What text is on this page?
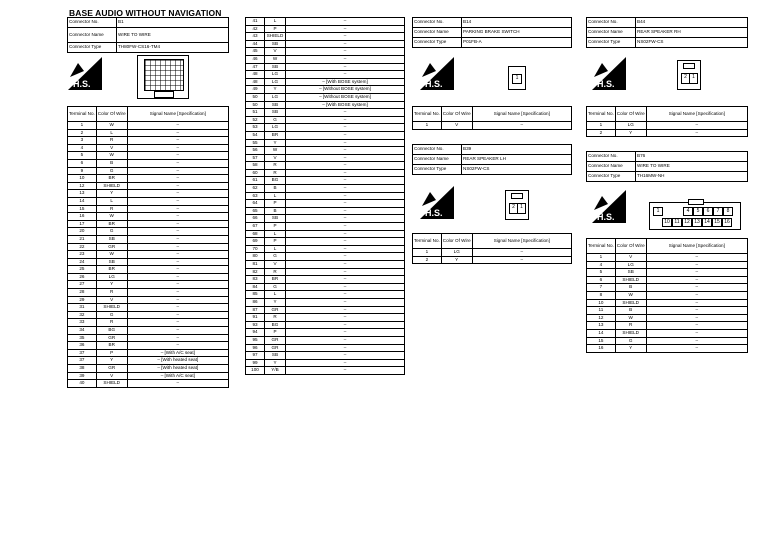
BASE AUDIO WITHOUT NAVIGATION
Connector No.	B1
Connector Name	WIRE TO WIRE
Connector Type	TH80FW-CS16-TM4
H.S.
Terminal No.	Color Of Wire	Signal Name [Specification]
1	W	–
2	L	–
3	R	–
4	V	–
5	W	–
6	B	–
9	G	–
10	BR	–
12	SHIELD	–
13	Y	–
14	L	–
15	R	–
16	W	–
17	BR	–
20	G	–
21	SB	–
22	GR	–
23	W	–
24	SB	–
25	BR	–
26	LG	–
27	Y	–
28	R	–
29	V	–
31	SHIELD	–
32	G	–
33	R	–
34	BG	–
35	GR	–
36	BR	–
37	P	– [With A/C seat]
37	Y	– [With heated seat]
38	GR	– [With heated seat]
39	V	– [With A/C seat]
40	SHIELD	–
41	L	–
42	P	–
43	SHIELD	–
44	SB	–
45	V	–
46	W	–
47	SB	–
48	LG	–
48	LG	– [With BOSE system]
49	Y	– [Without BOSE system]
50	LG	– [Without BOSE system]
50	SB	– [With BOSE system]
51	SB	–
52	G	–
53	LG	–
54	BR	–
55	Y	–
56	W	–
57	V	–
58	R	–
60	R	–
61	BG	–
62	B	–
63	L	–
64	P	–
65	B	–
66	SB	–
67	P	–
68	L	–
69	P	–
70	L	–
80	G	–
81	V	–
82	R	–
83	BR	–
84	G	–
85	L	–
86	Y	–
87	GR	–
91	R	–
93	BG	–
94	P	–
95	GR	–
96	GR	–
97	SB	–
99	Y	–
100	Y/B	–
Connector No.	B14
Connector Name	PARKING BRAKE SWITCH
Connector Type	P01FB-A
H.S.
1
Terminal No.	Color Of Wire	Signal Name [Specification]
1	V	–
Connector No.	B39
Connector Name	REAR SPEAKER LH
Connector Type	NS02FW-CS
H.S.
2	1
Terminal No.	Color Of Wire	Signal Name [Specification]
1	LG	–
2	Y	–
Connector No.	B44
Connector Name	REAR SPEAKER RH
Connector Type	NS02FW-CS
H.S.
2	1
Terminal No.	Color Of Wire	Signal Name [Specification]
1	LG	–
2	Y	–
Connector No.	B76
Connector Name	WIRE TO WIRE
Connector Type	TH16MW-NH
H.S.
1	4	5	6	7	8
10 11 12 13 14 15 16
Terminal No.	Color Of Wire	Signal Name [Specification]
1	V	–
4	LG	–
5	SB	–
6	SHIELD	–
7	B	–
8	W	–
10	SHIELD	–
11	B	–
12	W	–
13	R	–
14	SHIELD	–
15	G	–
16	Y	–
